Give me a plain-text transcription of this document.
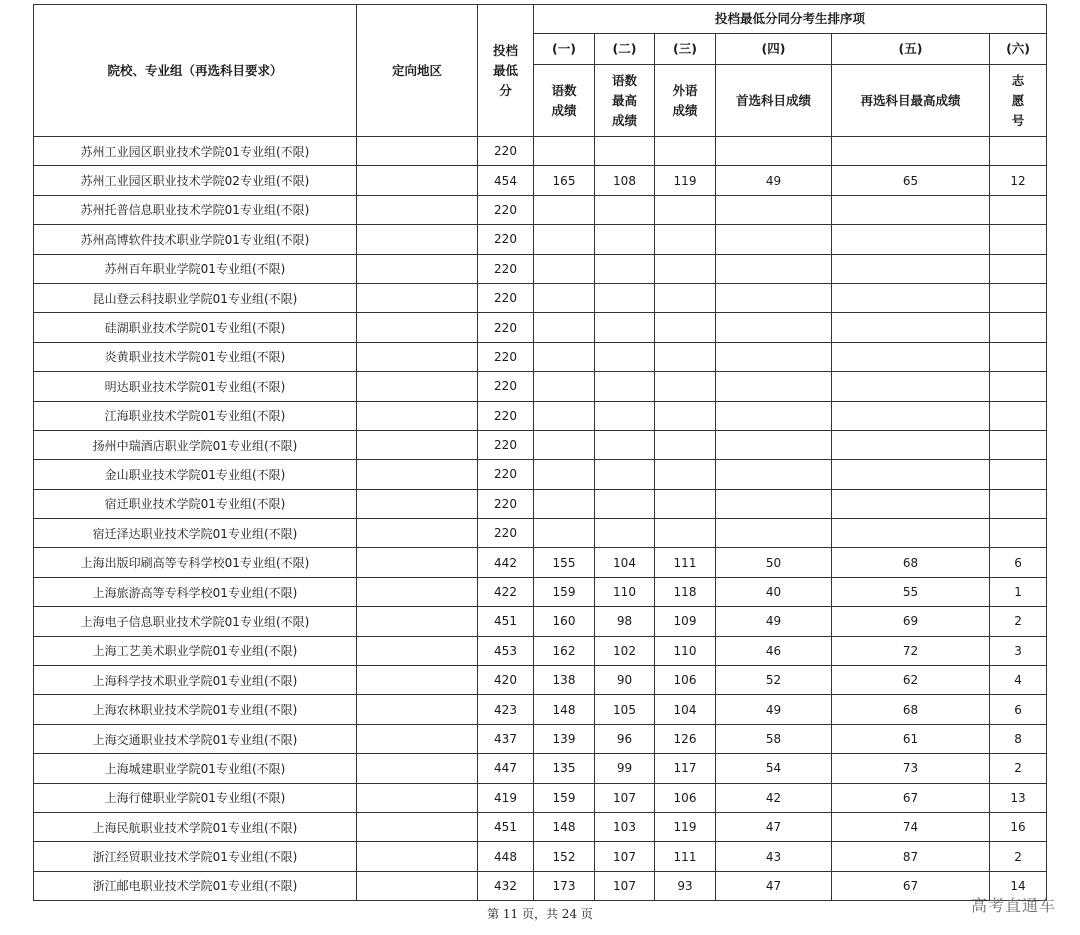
院校、专业组（再选科目要求）	定向地区	投档最低分	投档最低分同分考生排序项					
			(一)	(二)	(三)	(四)	(五)	(六)
			语数成绩	语数最高成绩	外语成绩	首选科目成绩	再选科目最高成绩	志愿号
苏州工业园区职业技术学院01专业组(不限)		220						
苏州工业园区职业技术学院02专业组(不限)		454	165	108	119	49	65	12
苏州托普信息职业技术学院01专业组(不限)		220						
苏州高博软件技术职业学院01专业组(不限)		220						
苏州百年职业学院01专业组(不限)		220						
昆山登云科技职业学院01专业组(不限)		220						
硅湖职业技术学院01专业组(不限)		220						
炎黄职业技术学院01专业组(不限)		220						
明达职业技术学院01专业组(不限)		220						
江海职业技术学院01专业组(不限)		220						
扬州中瑞酒店职业学院01专业组(不限)		220						
金山职业技术学院01专业组(不限)		220						
宿迁职业技术学院01专业组(不限)		220						
宿迁泽达职业技术学院01专业组(不限)		220						
上海出版印刷高等专科学校01专业组(不限)		442	155	104	111	50	68	6
上海旅游高等专科学校01专业组(不限)		422	159	110	118	40	55	1
上海电子信息职业技术学院01专业组(不限)		451	160	98	109	49	69	2
上海工艺美术职业学院01专业组(不限)		453	162	102	110	46	72	3
上海科学技术职业学院01专业组(不限)		420	138	90	106	52	62	4
上海农林职业技术学院01专业组(不限)		423	148	105	104	49	68	6
上海交通职业技术学院01专业组(不限)		437	139	96	126	58	61	8
上海城建职业学院01专业组(不限)		447	135	99	117	54	73	2
上海行健职业学院01专业组(不限)		419	159	107	106	42	67	13
上海民航职业技术学院01专业组(不限)		451	148	103	119	47	74	16
浙江经贸职业技术学院01专业组(不限)		448	152	107	111	43	87	2
浙江邮电职业技术学院01专业组(不限)		432	173	107	93	47	67	14
第 11 页，共 24 页	高考直通车
